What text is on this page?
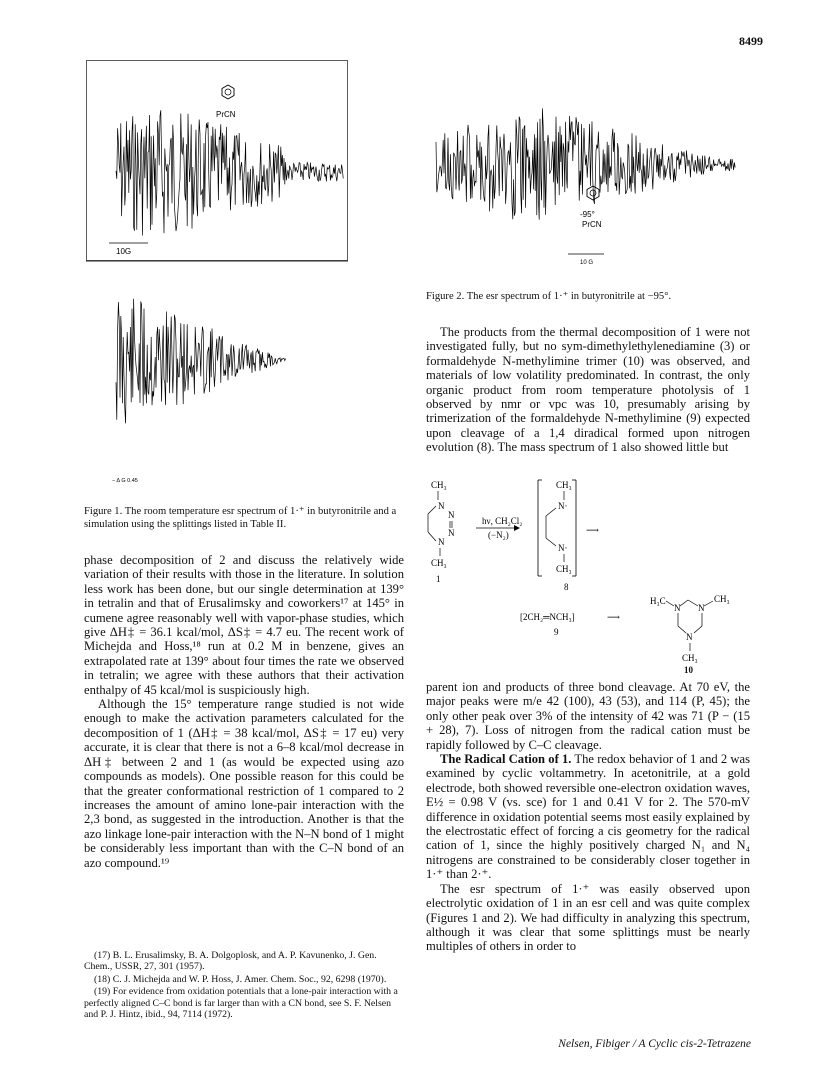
8499
PrCN
10G
− Δ G 0.45
Figure 1. The room temperature esr spectrum of 1·⁺ in butyronitrile and a simulation using the splittings listed in Table II.
-95°
PrCN
10 G
Figure 2. The esr spectrum of 1·⁺ in butyronitrile at −95°.

phase decomposition of 2 and discuss the relatively wide variation of their results with those in the literature. In solution less work has been done, but our single determination at 139° in tetralin and that of Erusalimsky and coworkers¹⁷ at 145° in cumene agree reasonably well with vapor-phase studies, which give ΔH‡ = 36.1 kcal/mol, ΔS‡ = 4.7 eu. The recent work of Michejda and Hoss,¹⁸ run at 0.2 M in benzene, gives an extrapolated rate at 139° about four times the rate we observed in tetralin; we agree with these authors that their activation enthalpy of 45 kcal/mol is suspiciously high.

Although the 15° temperature range studied is not wide enough to make the activation parameters calculated for the decomposition of 1 (ΔH‡ = 38 kcal/mol, ΔS‡ = 17 eu) very accurate, it is clear that there is not a 6–8 kcal/mol decrease in ΔH‡ between 2 and 1 (as would be expected using azo compounds as models). One possible reason for this could be that the greater conformational restriction of 1 compared to 2 increases the amount of amino lone-pair interaction with the 2,3 bond, as suggested in the introduction. Another is that the azo linkage lone-pair interaction with the N–N bond of 1 might be considerably less important than with the C–N bond of an azo compound.¹⁹

(17) B. L. Erusalimsky, B. A. Dolgoplosk, and A. P. Kavunenko, J. Gen. Chem., USSR, 27, 301 (1957).

(18) C. J. Michejda and W. P. Hoss, J. Amer. Chem. Soc., 92, 6298 (1970).

(19) For evidence from oxidation potentials that a lone-pair interaction with a perfectly aligned C–C bond is far larger than with a CN bond, see S. F. Nelsen and P. J. Hintz, ibid., 94, 7114 (1972).

The products from the thermal decomposition of 1 were not investigated fully, but no sym-dimethylethylenediamine (3) or formaldehyde N-methylimine trimer (10) was observed, and materials of low volatility predominated. In contrast, the only organic product from room temperature photolysis of 1 observed by nmr or vpc was 10, presumably arising by trimerization of the formaldehyde N-methylimine (9) expected upon cleavage of a 1,4 diradical formed upon nitrogen evolution (8). The mass spectrum of 1 also showed little but

CH₃
N
N
N
N
CH₃
1
hν, CH₂Cl₂
(−N₂)
CH₃
N·
N·
CH₃
8
⟶
[2CH₂═NCH₃]	⟶
9
H₃C
N N
CH₃
N
CH₃
10

parent ion and products of three bond cleavage. At 70 eV, the major peaks were m/e 42 (100), 43 (53), and 114 (P, 45); the only other peak over 3% of the intensity of 42 was 71 (P − (15 + 28), 7). Loss of nitrogen from the radical cation must be rapidly followed by C–C cleavage.

The Radical Cation of 1. The redox behavior of 1 and 2 was examined by cyclic voltammetry. In acetonitrile, at a gold electrode, both showed reversible one-electron oxidation waves, E½ = 0.98 V (vs. sce) for 1 and 0.41 V for 2. The 570-mV difference in oxidation potential seems most easily explained by the electrostatic effect of forcing a cis geometry for the radical cation of 1, since the highly positively charged N₁ and N₄ nitrogens are constrained to be considerably closer together in 1·⁺ than 2·⁺.

The esr spectrum of 1·⁺ was easily observed upon electrolytic oxidation of 1 in an esr cell and was quite complex (Figures 1 and 2). We had difficulty in analyzing this spectrum, although it was clear that some splittings must be nearly multiples of others in order to

Nelsen, Fibiger / A Cyclic cis-2-Tetrazene
